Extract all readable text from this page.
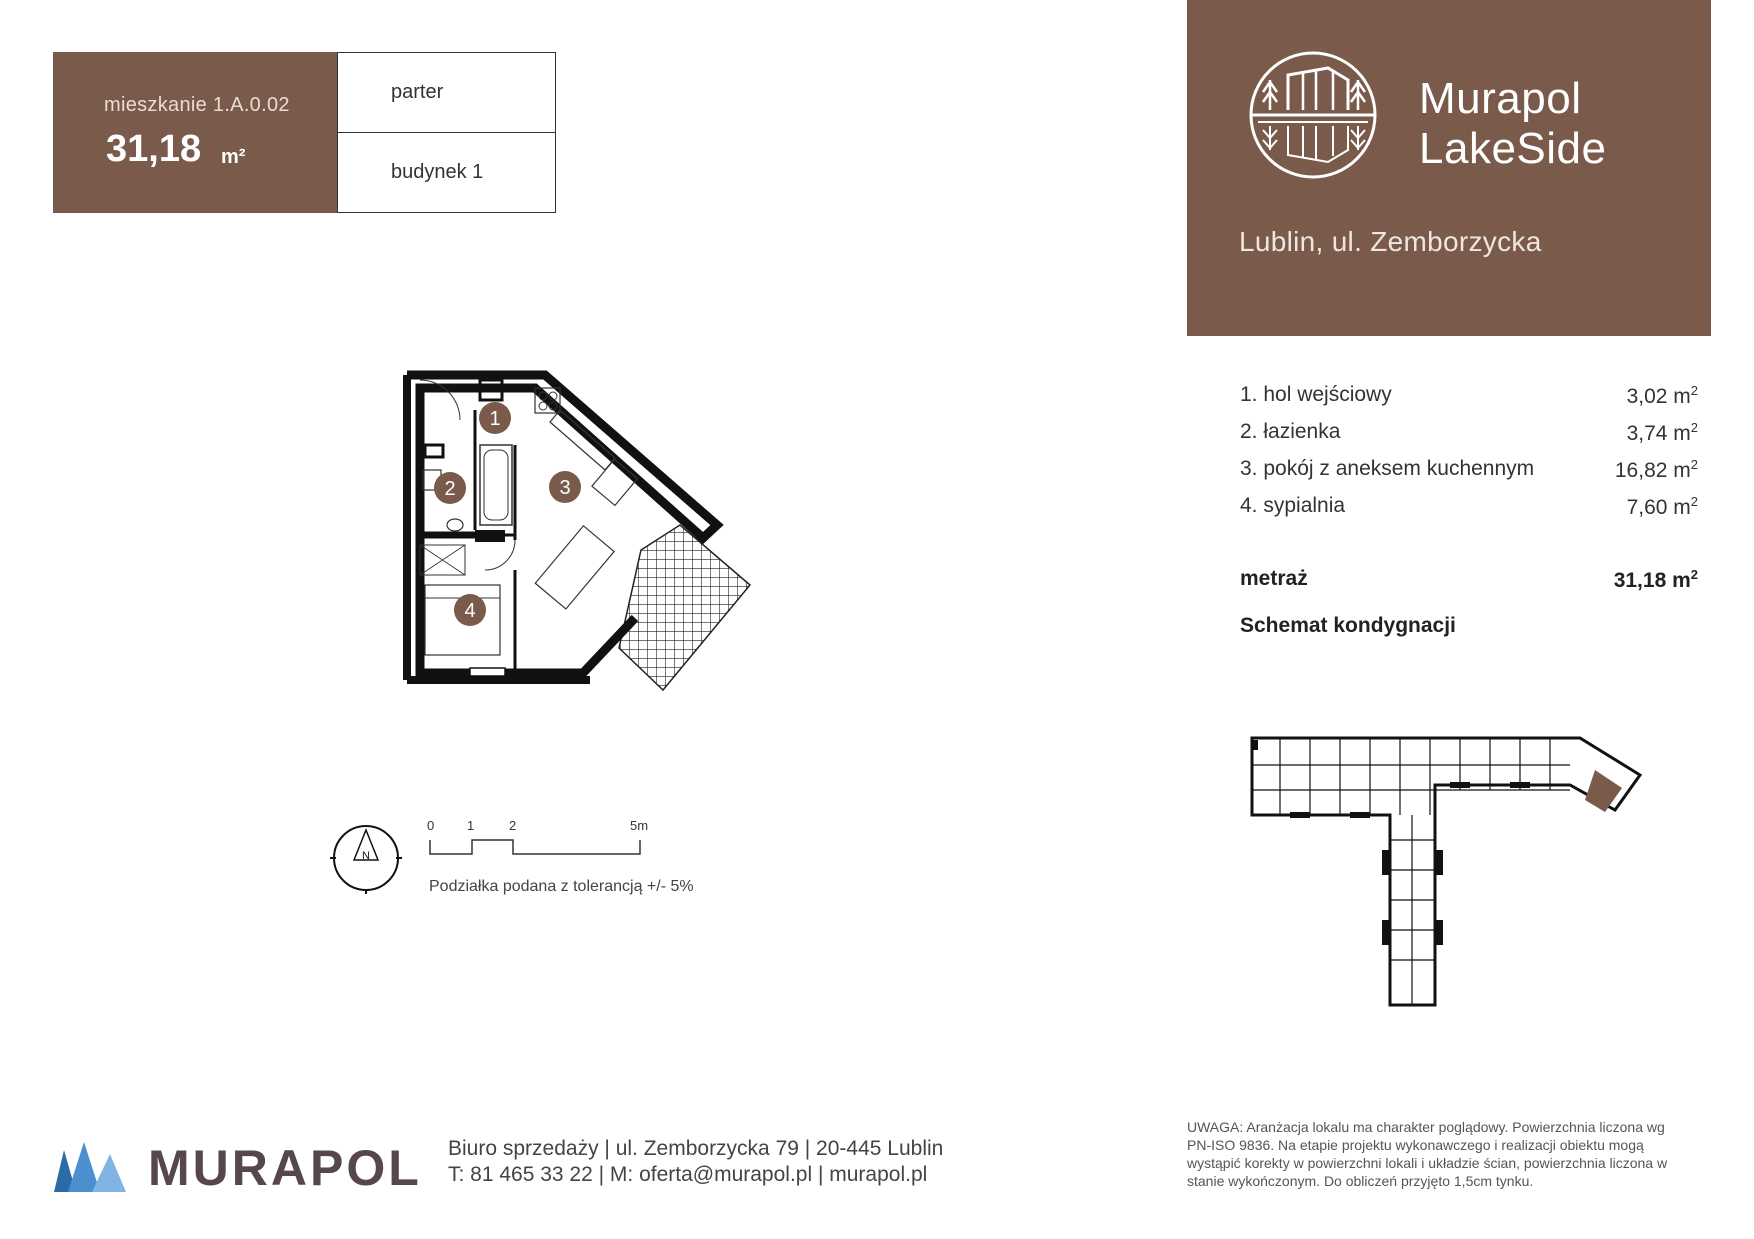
mieszkanie 1.A.0.02
31,18 m²
parter
budynek 1
Murapol
LakeSide
Lublin, ul. Zemborzycka
1. hol wejściowy	3,02 $m^2$
2. łazienka	3,74 $m^2$
3. pokój z aneksem kuchennym	16,82 $m^2$
4. sypialnia	7,60 $m^2$
metraż	31,18 $m^2$
Schemat kondygnacji
1
2	3
4
N
0	1	2	5m
Podziałka podana z tolerancją +/- 5%
MURAPOL Biuro sprzedaży | ul. Zemborzycka 79 | 20-445 Lublin
T: 81 465 33 22 | M: oferta@murapol.pl | murapol.pl
UWAGA: Aranżacja lokalu ma charakter poglądowy. Powierzchnia liczona wg PN-ISO 9836. Na etapie projektu wykonawczego i realizacji obiektu mogą wystąpić korekty w powierzchni lokali i układzie ścian, powierzchnia liczona w stanie wykończonym. Do obliczeń przyjęto 1,5cm tynku.
